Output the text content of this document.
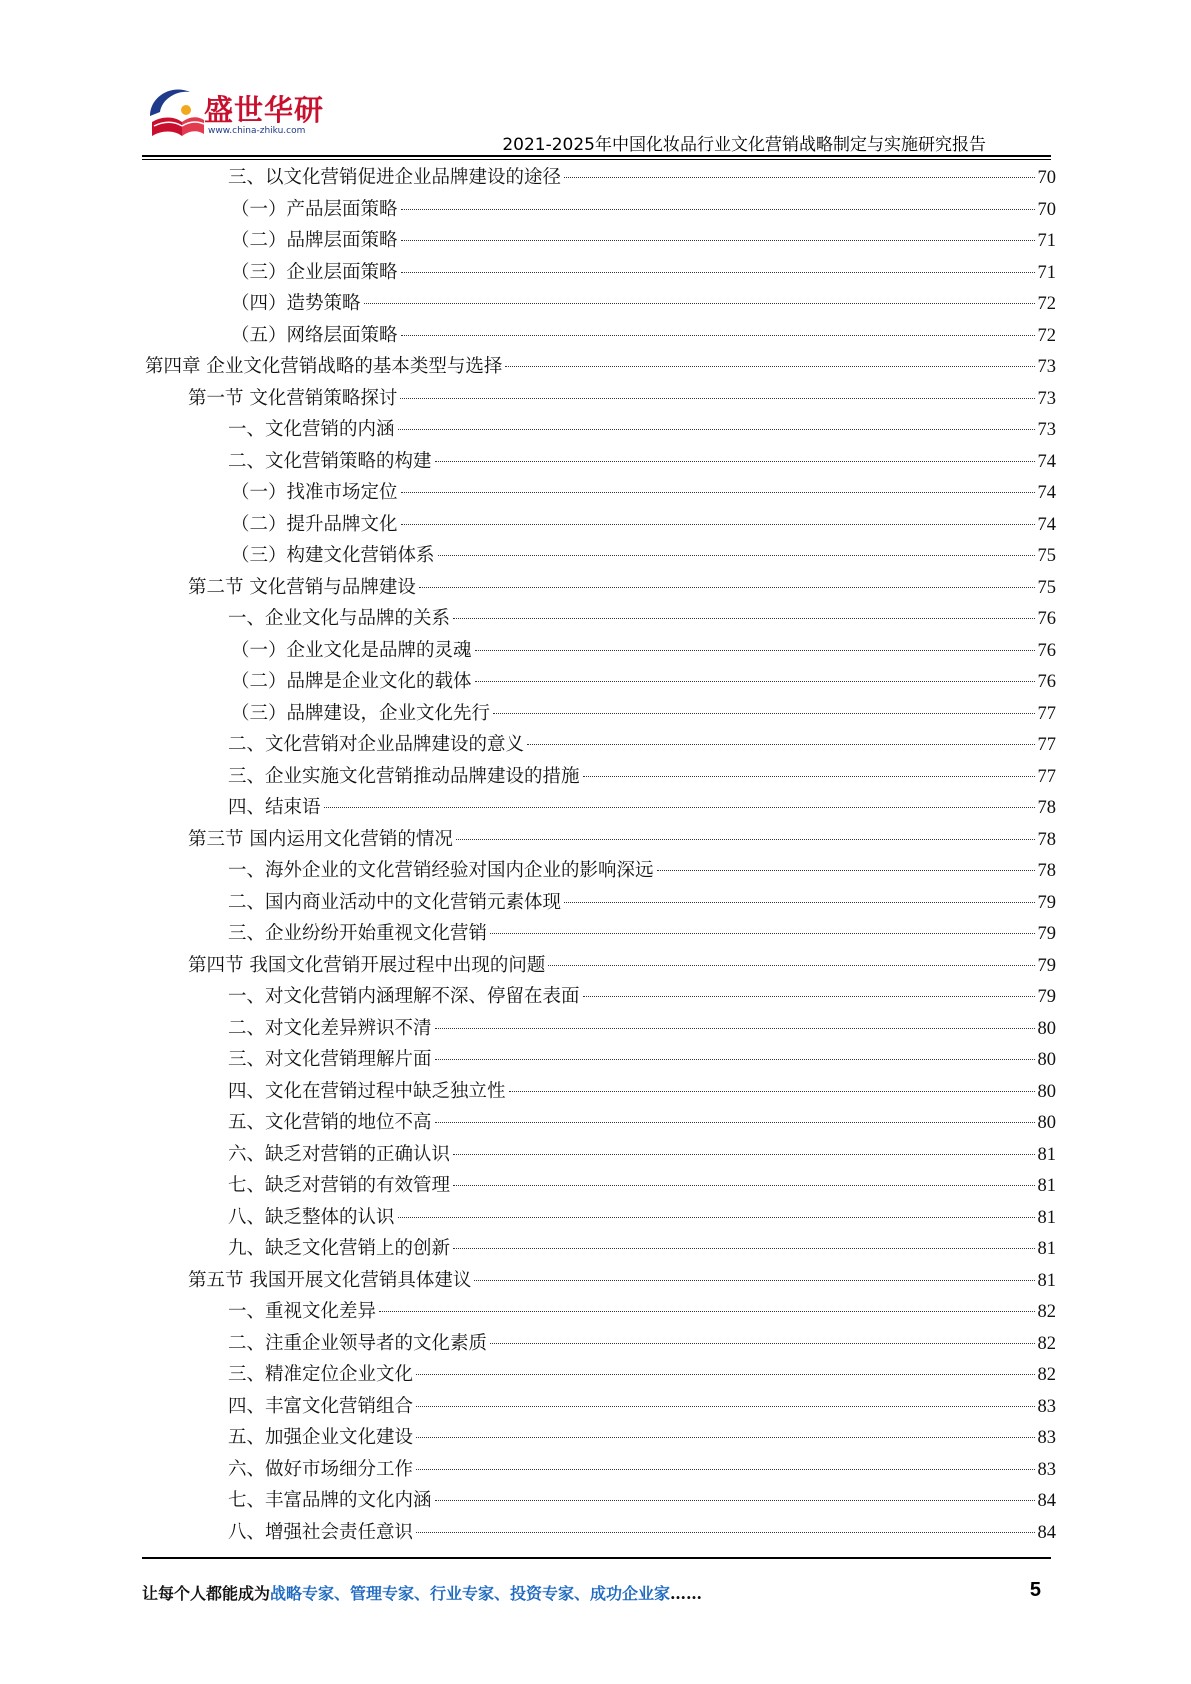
盛世华研
www.china-zhiku.com
2021-2025年中国化妆品行业文化营销战略制定与实施研究报告
三、以文化营销促进企业品牌建设的途径	70
（一）产品层面策略	70
（二）品牌层面策略	71
（三）企业层面策略	71
（四）造势策略	72
（五）网络层面策略	72
第四章 企业文化营销战略的基本类型与选择	73
第一节 文化营销策略探讨	73
一、文化营销的内涵	73
二、文化营销策略的构建	74
（一）找准市场定位	74
（二）提升品牌文化	74
（三）构建文化营销体系	75
第二节 文化营销与品牌建设	75
一、企业文化与品牌的关系	76
（一）企业文化是品牌的灵魂	76
（二）品牌是企业文化的载体	76
（三）品牌建设，企业文化先行	77
二、文化营销对企业品牌建设的意义	77
三、企业实施文化营销推动品牌建设的措施	77
四、结束语	78
第三节 国内运用文化营销的情况	78
一、海外企业的文化营销经验对国内企业的影响深远	78
二、国内商业活动中的文化营销元素体现	79
三、企业纷纷开始重视文化营销	79
第四节 我国文化营销开展过程中出现的问题	79
一、对文化营销内涵理解不深、停留在表面	79
二、对文化差异辨识不清	80
三、对文化营销理解片面	80
四、文化在营销过程中缺乏独立性	80
五、文化营销的地位不高	80
六、缺乏对营销的正确认识	81
七、缺乏对营销的有效管理	81
八、缺乏整体的认识	81
九、缺乏文化营销上的创新	81
第五节 我国开展文化营销具体建议	81
一、重视文化差异	82
二、注重企业领导者的文化素质	82
三、精准定位企业文化	82
四、丰富文化营销组合	83
五、加强企业文化建设	83
六、做好市场细分工作	83
七、丰富品牌的文化内涵	84
八、增强社会责任意识	84
让每个人都能成为战略专家、管理专家、行业专家、投资专家、成功企业家……	5
